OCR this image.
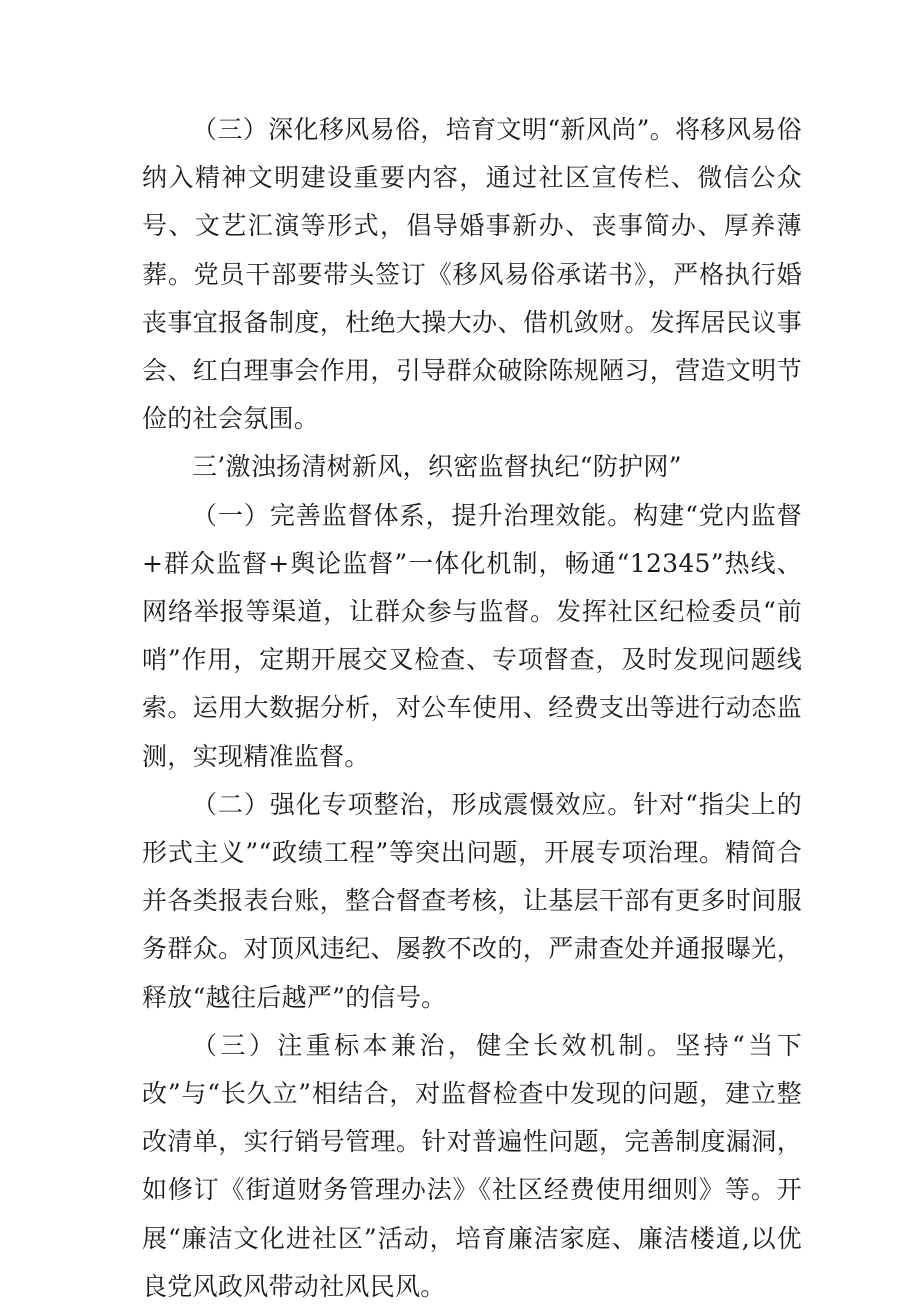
（三）深化移风易俗，培育文明“新风尚”。将移风易俗纳入精神文明建设重要内容，通过社区宣传栏、微信公众号、文艺汇演等形式，倡导婚事新办、丧事简办、厚养薄葬。党员干部要带头签订《移风易俗承诺书》，严格执行婚丧事宜报备制度，杜绝大操大办、借机敛财。发挥居民议事会、红白理事会作用，引导群众破除陈规陋习，营造文明节俭的社会氛围。

三’激浊扬清树新风，织密监督执纪“防护网”

（一）完善监督体系，提升治理效能。构建“党内监督+群众监督+舆论监督”一体化机制，畅通“12345”热线、网络举报等渠道，让群众参与监督。发挥社区纪检委员“前哨”作用，定期开展交叉检查、专项督查，及时发现问题线索。运用大数据分析，对公车使用、经费支出等进行动态监测，实现精准监督。

（二）强化专项整治，形成震慑效应。针对“指尖上的形式主义”“政绩工程”等突出问题，开展专项治理。精简合并各类报表台账，整合督查考核，让基层干部有更多时间服务群众。对顶风违纪、屡教不改的，严肃查处并通报曝光，释放“越往后越严”的信号。

（三）注重标本兼治，健全长效机制。坚持“当下改”与“长久立”相结合，对监督检查中发现的问题，建立整改清单，实行销号管理。针对普遍性问题，完善制度漏洞，如修订《街道财务管理办法》《社区经费使用细则》等。开展“廉洁文化进社区”活动，培育廉洁家庭、廉洁楼道,以优良党风政风带动社风民风。
